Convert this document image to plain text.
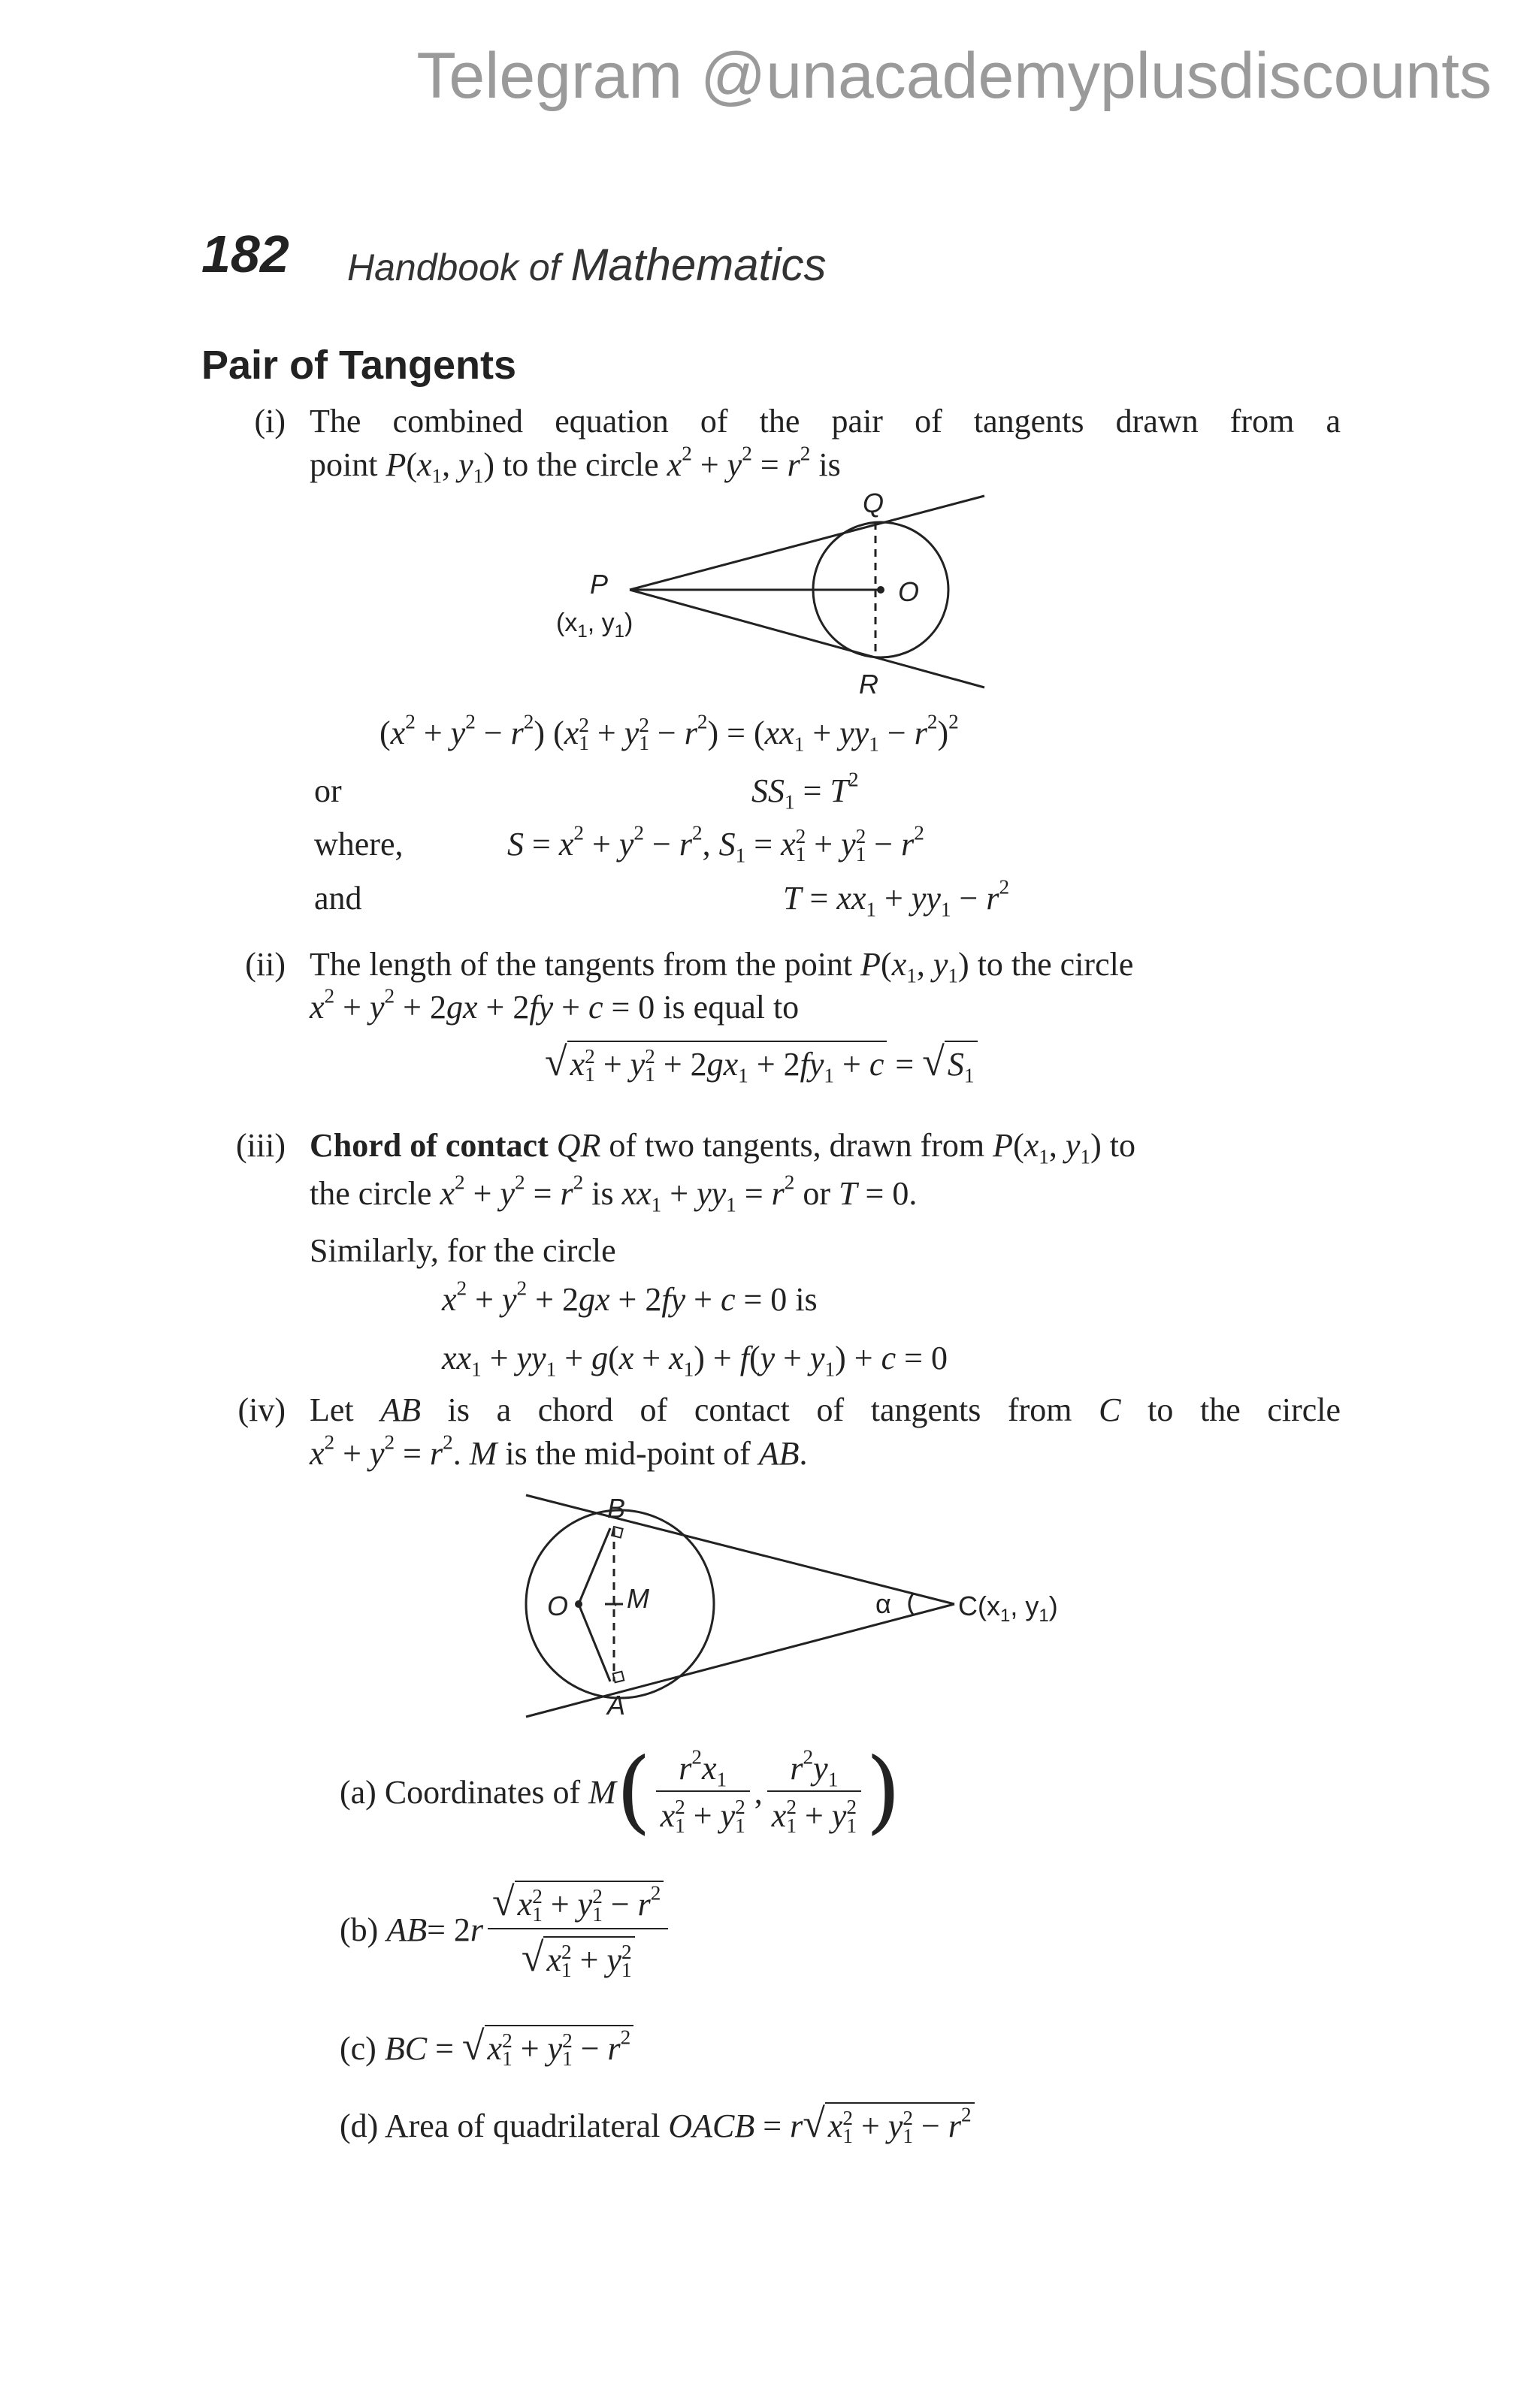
Telegram @unacademyplusdiscounts
182 Handbook of Mathematics
Pair of Tangents
(i) The combined equation of the pair of tangents drawn from a
point $P(x_1$, $y_1$) to the circle $x^2 + y^2 = r^2$ is
P
($x_1$, $y_1$)
O
Q
R
$(x^2 + y^2 - r^2)$ (x 2
1 + y 2
$1 - r^2) = (xx_1 + yy_1 - r^2)^2$
or	$SS_1 = T^2$
where,	$S = x^2 + y^2 - r^2$, $S_1 = x$ 2
1 + y 2
$1 - r^2$
and	$T = xx_1 + yy_1 - r^2$
(ii) The length of the tangents from the point $P(x_1$, $y_1$) to the circle
$x^2 + y^2 + 2gx + 2fy + c = 0$ is equal to
√x 2
1 + y 2
$1 + 2gx_1 + 2fy_1 + c = √S_1$
(iii) Chord of contact QR of two tangents, drawn from $P(x_1$, $y_1$) to
the circle $x^2 + y^2 = r^2$ is $xx_1 + yy_1 = r^2$ or T = 0.
Similarly, for the circle
$x^2 + y^2 + 2gx + 2fy + c = 0$ is
$xx_1 + yy_1 + g(x + x_1) + f(y + y_1) + c = 0$
(iv) Let AB is a chord of contact of tangents from C to the circle
$x^2 + y^2 = r^2$. M is the mid-point of AB.
O M
B
A
α $C(x_1$, $y_1$)
(a) Coordinates of
M ( $r^2x_1$
x 2
1 + y 2
1 , $r^2y_1$
x 2
1 + y 2
1 )
(b)
AB = 2 r √x 2
1 + y 2
$1 - r^2$
√x 2
1 + y 2
1
(c) BC = √x 2
1 + y 2
$1 - r^2$
(d) Area of quadrilateral OACB = r√x 2
1 + y 2
$1 - r^2$
